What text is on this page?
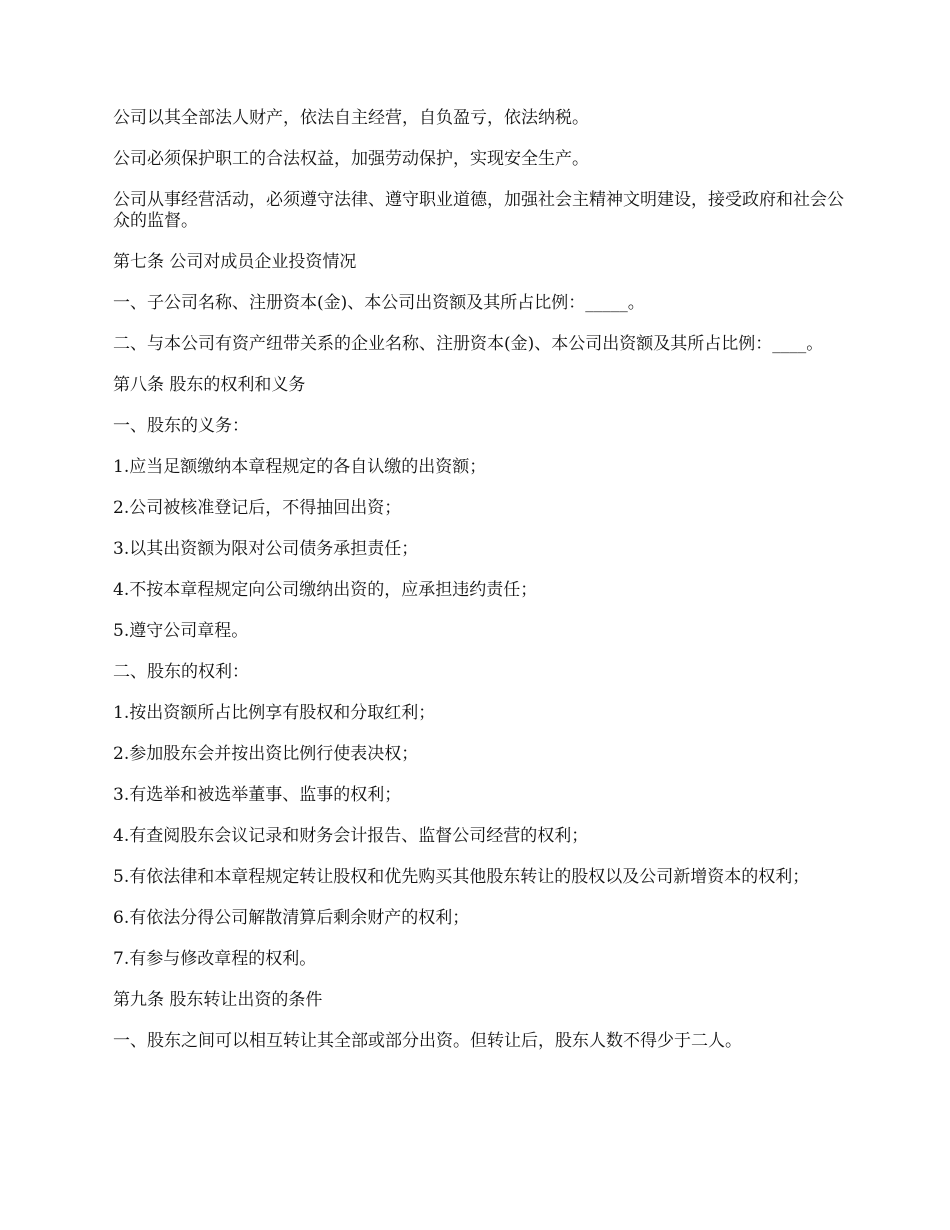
公司以其全部法人财产，依法自主经营，自负盈亏，依法纳税。

公司必须保护职工的合法权益，加强劳动保护，实现安全生产。

公司从事经营活动，必须遵守法律、遵守职业道德，加强社会主精神文明建设，接受政府和社会公众的监督。

第七条 公司对成员企业投资情况

一、子公司名称、注册资本(金)、本公司出资额及其所占比例：_____。

二、与本公司有资产纽带关系的企业名称、注册资本(金)、本公司出资额及其所占比例：____。

第八条 股东的权利和义务

一、股东的义务：

1.应当足额缴纳本章程规定的各自认缴的出资额；

2.公司被核准登记后，不得抽回出资；

3.以其出资额为限对公司债务承担责任；

4.不按本章程规定向公司缴纳出资的，应承担违约责任；

5.遵守公司章程。

二、股东的权利：

1.按出资额所占比例享有股权和分取红利；

2.参加股东会并按出资比例行使表决权；

3.有选举和被选举董事、监事的权利；

4.有查阅股东会议记录和财务会计报告、监督公司经营的权利；

5.有依法律和本章程规定转让股权和优先购买其他股东转让的股权以及公司新增资本的权利；

6.有依法分得公司解散清算后剩余财产的权利；

7.有参与修改章程的权利。

第九条 股东转让出资的条件

一、股东之间可以相互转让其全部或部分出资。但转让后，股东人数不得少于二人。
